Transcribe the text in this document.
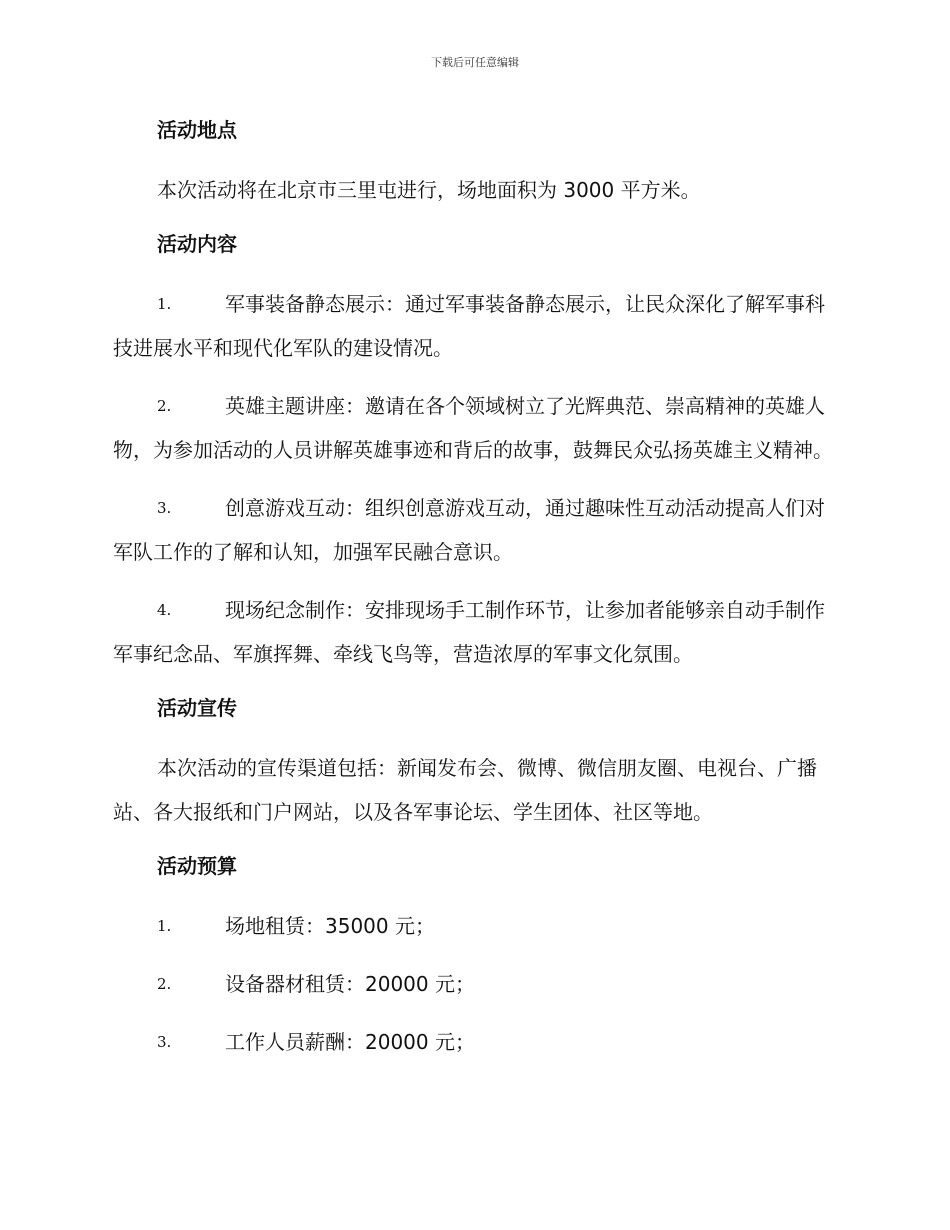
下载后可任意编辑
活动地点

本次活动将在北京市三里屯进行，场地面积为 3000 平方米。

活动内容
1.	军事装备静态展示：通过军事装备静态展示，让民众深化了解军事科技进展水平和现代化军队的建设情况。
2.	英雄主题讲座：邀请在各个领域树立了光辉典范、崇高精神的英雄人物，为参加活动的人员讲解英雄事迹和背后的故事，鼓舞民众弘扬英雄主义精神。
3.	创意游戏互动：组织创意游戏互动，通过趣味性互动活动提高人们对军队工作的了解和认知，加强军民融合意识。
4.	现场纪念制作：安排现场手工制作环节，让参加者能够亲自动手制作军事纪念品、军旗挥舞、牵线飞鸟等，营造浓厚的军事文化氛围。
活动宣传

本次活动的宣传渠道包括：新闻发布会、微博、微信朋友圈、电视台、广播站、各大报纸和门户网站，以及各军事论坛、学生团体、社区等地。

活动预算
1.	场地租赁：35000 元；
2.	设备器材租赁：20000 元；
3.	工作人员薪酬：20000 元；
